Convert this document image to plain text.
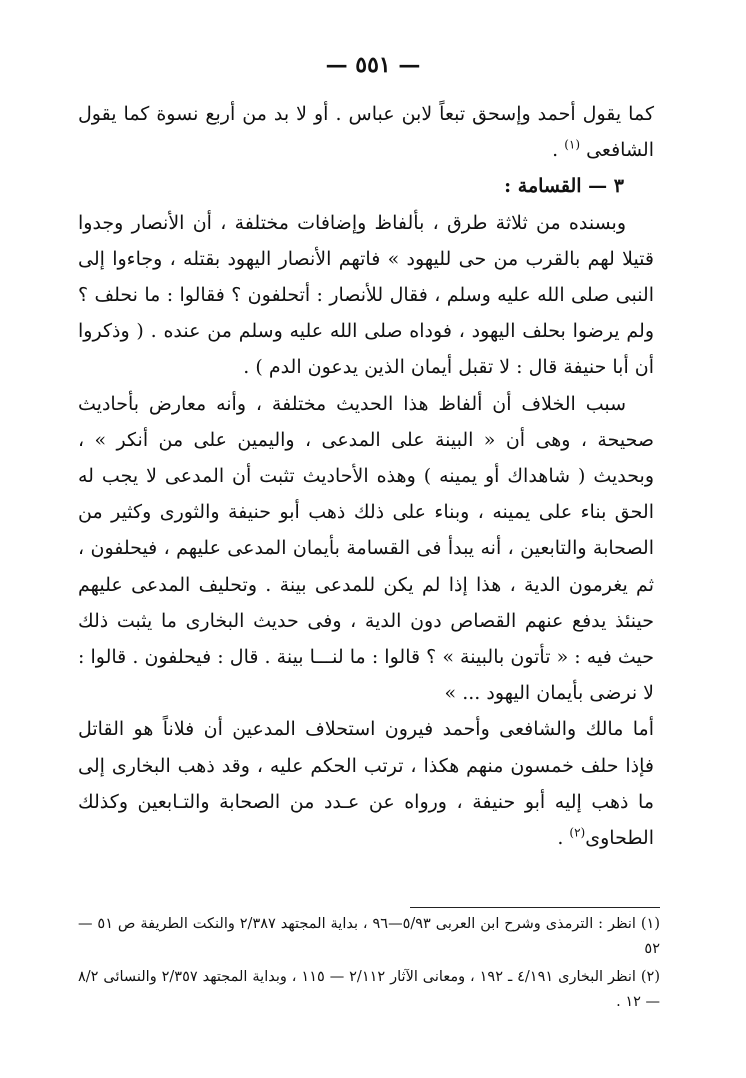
— ٥٥١ —

كما يقول أحمد وإسحق تبعاً لابن عباس . أو لا بد من أربع نسوة كما يقول الشافعى $^{(١)}$ .

٣ — القسامة :

وبسنده من ثلاثة طرق ، بألفاظ وإضافات مختلفة ، أن الأنصار وجدوا قتيلا لهم بالقرب من حى لليهود » فاتهم الأنصار اليهود بقتله ، وجاءوا إلى النبى صلى الله عليه وسلم ، فقال للأنصار : أتحلفون ؟ فقالوا : ما نحلف ؟ ولم يرضوا بحلف اليهود ، فوداه صلى الله عليه وسلم من عنده . ( وذكروا أن أبا حنيفة قال : لا تقبل أيمان الذين يدعون الدم ) .

سبب الخلاف أن ألفاظ هذا الحديث مختلفة ، وأنه معارض بأحاديث صحيحة ، وهى أن « البينة على المدعى ، واليمين على من أنكر » ، وبحديث ( شاهداك أو يمينه ) وهذه الأحاديث تثبت أن المدعى لا يجب له الحق بناء على يمينه ، وبناء على ذلك ذهب أبو حنيفة والثورى وكثير من الصحابة والتابعين ، أنه يبدأ فى القسامة بأيمان المدعى عليهم ، فيحلفون ، ثم يغرمون الدية ، هذا إذا لم يكن للمدعى بينة . وتحليف المدعى عليهم حينئذ يدفع عنهم القصاص دون الدية ، وفى حديث البخارى ما يثبت ذلك حيث فيه : « تأتون بالبينة » ؟ قالوا : ما لنـــا بينة . قال : فيحلفون . قالوا : لا نرضى بأيمان اليهود ... »

أما مالك والشافعى وأحمد فيرون استحلاف المدعين أن فلاناً هو القاتل فإذا حلف خمسون منهم هكذا ، ترتب الحكم عليه ، وقد ذهب البخارى إلى ما ذهب إليه أبو حنيفة ، ورواه عن عـدد من الصحابة والتـابعين وكذلك الطحاوى$^{(٢)}$ .

(١) انظر : الترمذى وشرح ابن العربى ٥/٩٣—٩٦ ، بداية المجتهد ٢/٣٨٧ والنكت الطريفة ص ٥١ — ٥٢

(٢) انظر البخارى ٤/١٩١ ـ ١٩٢ ، ومعانى الآثار ٢/١١٢ — ١١٥ ، وبداية المجتهد ٢/٣٥٧ والنسائى ٨/٢ — ١٢ .
